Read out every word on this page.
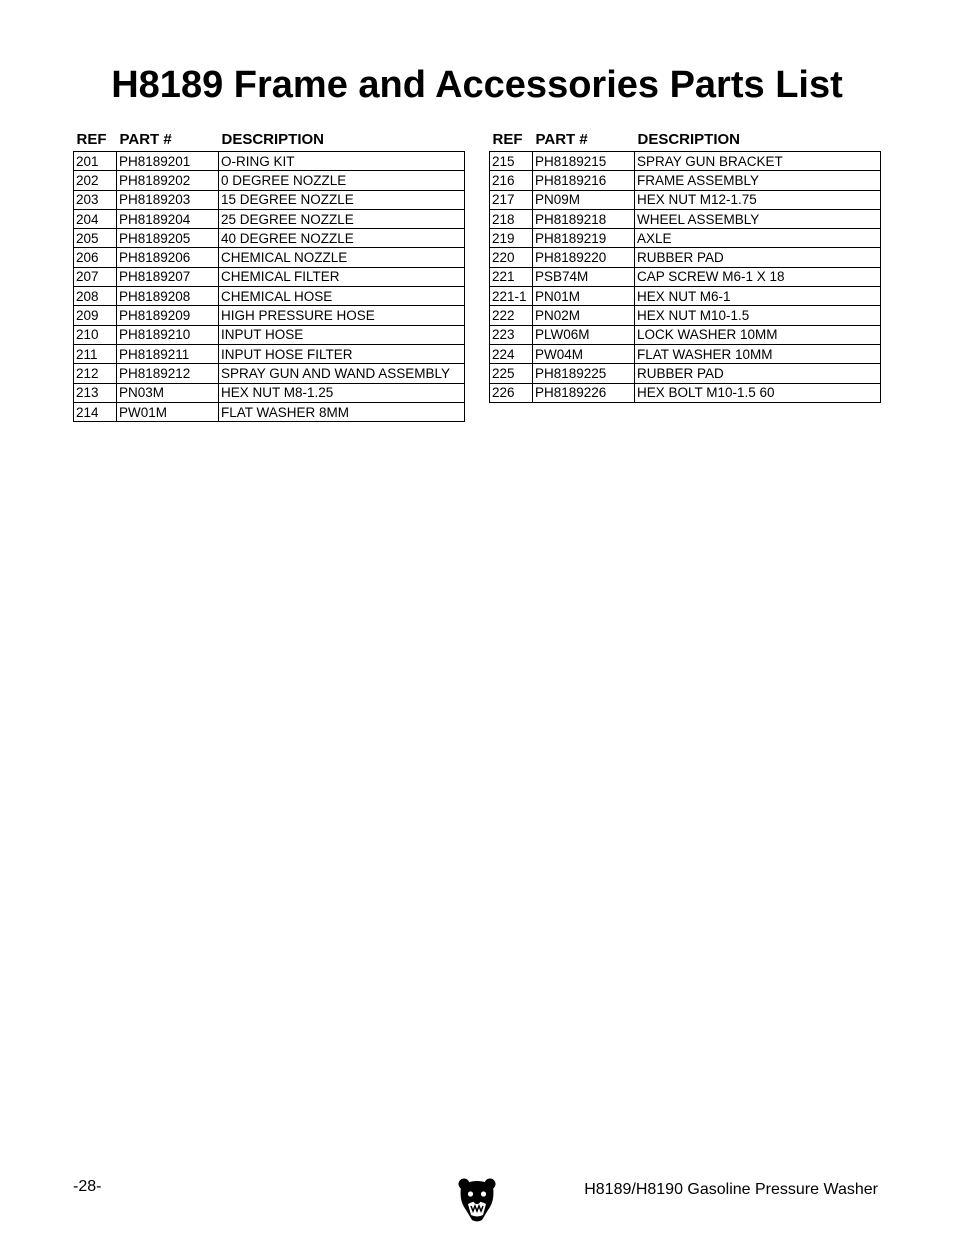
H8189 Frame and Accessories Parts List
REF	PART #	DESCRIPTION
201	PH8189201	O-RING KIT
202	PH8189202	0 DEGREE NOZZLE
203	PH8189203	15 DEGREE NOZZLE
204	PH8189204	25 DEGREE NOZZLE
205	PH8189205	40 DEGREE NOZZLE
206	PH8189206	CHEMICAL NOZZLE
207	PH8189207	CHEMICAL FILTER
208	PH8189208	CHEMICAL HOSE
209	PH8189209	HIGH PRESSURE HOSE
210	PH8189210	INPUT HOSE
211	PH8189211	INPUT HOSE FILTER
212	PH8189212	SPRAY GUN AND WAND ASSEMBLY
213	PN03M	HEX NUT M8-1.25
214	PW01M	FLAT WASHER 8MM
REF	PART #	DESCRIPTION
215	PH8189215	SPRAY GUN BRACKET
216	PH8189216	FRAME ASSEMBLY
217	PN09M	HEX NUT M12-1.75
218	PH8189218	WHEEL ASSEMBLY
219	PH8189219	AXLE
220	PH8189220	RUBBER PAD
221	PSB74M	CAP SCREW M6-1 X 18
221-1	PN01M	HEX NUT M6-1
222	PN02M	HEX NUT M10-1.5
223	PLW06M	LOCK WASHER 10MM
224	PW04M	FLAT WASHER 10MM
225	PH8189225	RUBBER PAD
226	PH8189226	HEX BOLT M10-1.5 60
-28-	H8189/H8190 Gasoline Pressure Washer
